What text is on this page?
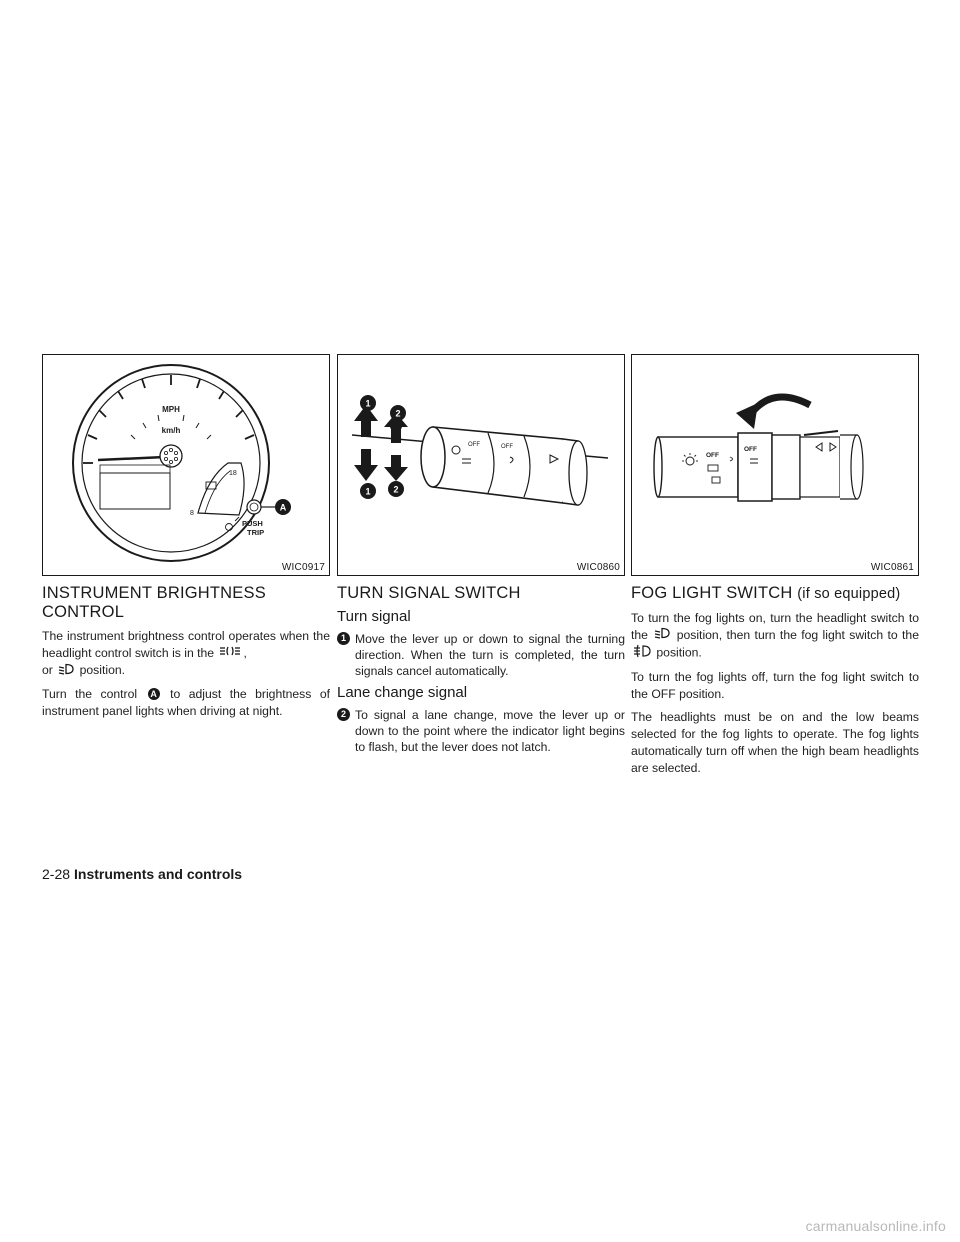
MPH
km/h
18
8
A
PUSH
TRIP
WIC0917
INSTRUMENT BRIGHTNESS CONTROL

The instrument brightness control operates when the headlight control switch is in the ,
or position.

Turn the control A to adjust the brightness of instrument panel lights when driving at night.

1
2
1	2
OFF	OFF
WIC0860
TURN SIGNAL SWITCH
Turn signal
1 Move the lever up or down to signal the turning direction. When the turn is completed, the turn signals cancel automatically.
Lane change signal
2 To signal a lane change, move the lever up or down to the point where the indicator light begins to flash, but the lever does not latch.
OFF
OFF
WIC0861
FOG LIGHT SWITCH (if so equipped)

To turn the fog lights on, turn the headlight switch to the position, then turn the fog light switch to the  position.

To turn the fog lights off, turn the fog light switch to the OFF position.

The headlights must be on and the low beams selected for the fog lights to operate. The fog lights automatically turn off when the high beam headlights are selected.

2-28 Instruments and controls
carmanualsonline.info
